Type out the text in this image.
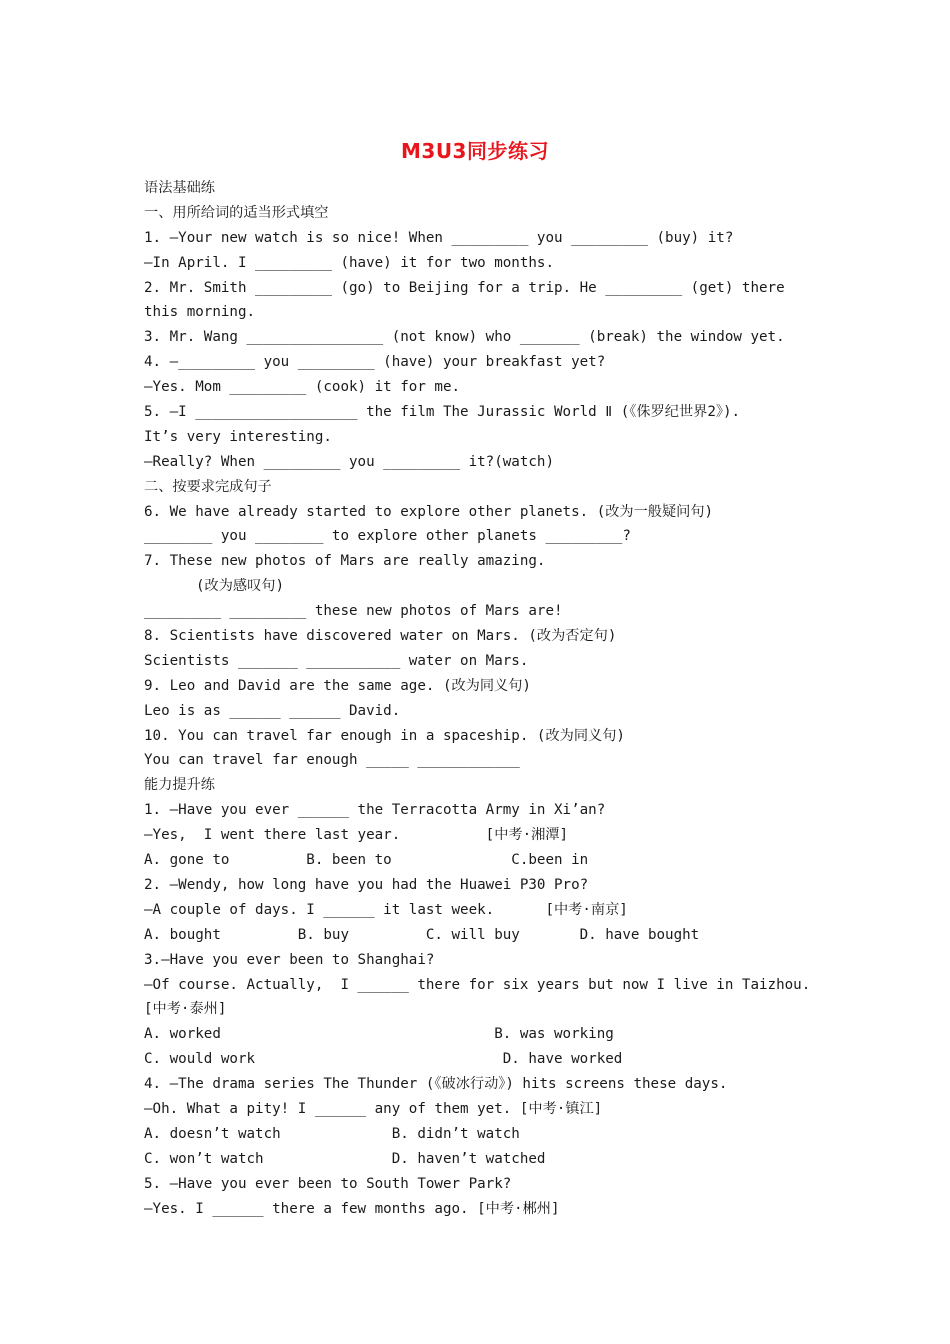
M3U3同步练习
语法基础练
一、用所给词的适当形式填空
1. —Your new watch is so nice! When _________ you _________ (buy) it?
—In April. I _________ (have) it for two months.
2. Mr. Smith _________ (go) to Beijing for a trip. He _________ (get) there
this morning.
3. Mr. Wang ________________ (not know) who _______ (break) the window yet.
4. —_________ you _________ (have) your breakfast yet?
—Yes. Mom _________ (cook) it for me.
5. —I ___________________ the film The Jurassic World Ⅱ (《侏罗纪世界2》).
It’s very interesting.
—Really? When _________ you _________ it?(watch)
二、按要求完成句子
6. We have already started to explore other planets. (改为一般疑问句)
________ you ________ to explore other planets _________?
7. These new photos of Mars are really amazing.
(改为感叹句)
_________ _________ these new photos of Mars are!
8. Scientists have discovered water on Mars. (改为否定句)
Scientists _______ ___________ water on Mars.
9. Leo and David are the same age. (改为同义句)
Leo is as ______ ______ David.
10. You can travel far enough in a spaceship. (改为同义句)
You can travel far enough _____ ____________
能力提升练
1. —Have you ever ______ the Terracotta Army in Xi’an?
—Yes,  I went there last year.          [中考·湘潭]
A. gone to         B. been to              C.been in
2. —Wendy, how long have you had the Huawei P30 Pro?
—A couple of days. I ______ it last week.      [中考·南京]
A. bought         B. buy         C. will buy       D. have bought
3.—Have you ever been to Shanghai?
—Of course. Actually,  I ______ there for six years but now I live in Taizhou.
[中考·泰州]
A. worked                                B. was working
C. would work                             D. have worked
4. —The drama series The Thunder (《破冰行动》) hits screens these days.
—Oh. What a pity! I ______ any of them yet. [中考·镇江]
A. doesn’t watch             B. didn’t watch
C. won’t watch               D. haven’t watched
5. —Have you ever been to South Tower Park?
—Yes. I ______ there a few months ago. [中考·郴州]
